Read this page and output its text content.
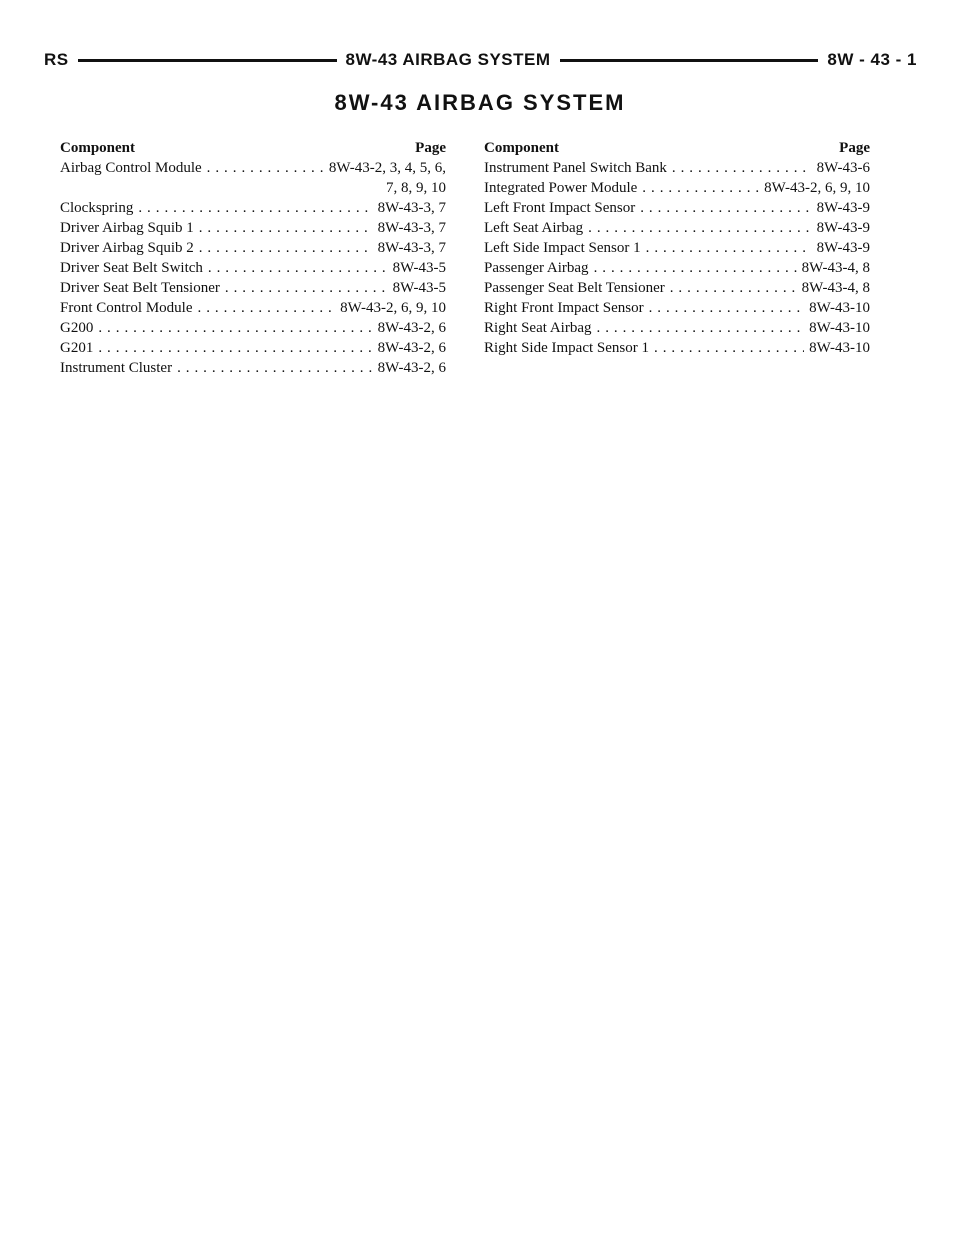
RS	8W-43 AIRBAG SYSTEM	8W - 43 - 1
8W-43 AIRBAG SYSTEM
Component	Page
Airbag Control Module . . .	8W-43-2, 3, 4, 5, 6,
7, 8, 9, 10
Clockspring . . .	8W-43-3, 7
Driver Airbag Squib 1 . . .	8W-43-3, 7
Driver Airbag Squib 2 . . .	8W-43-3, 7
Driver Seat Belt Switch . . .	8W-43-5
Driver Seat Belt Tensioner . . .	8W-43-5
Front Control Module . . .	8W-43-2, 6, 9, 10
G200 . . .	8W-43-2, 6
G201 . . .	8W-43-2, 6
Instrument Cluster . . .	8W-43-2, 6
Component	Page
Instrument Panel Switch Bank . . .	8W-43-6
Integrated Power Module . . .	8W-43-2, 6, 9, 10
Left Front Impact Sensor . . .	8W-43-9
Left Seat Airbag . . .	8W-43-9
Left Side Impact Sensor 1 . . .	8W-43-9
Passenger Airbag . . .	8W-43-4, 8
Passenger Seat Belt Tensioner . . .	8W-43-4, 8
Right Front Impact Sensor . . .	8W-43-10
Right Seat Airbag . . .	8W-43-10
Right Side Impact Sensor 1 . . .	8W-43-10
